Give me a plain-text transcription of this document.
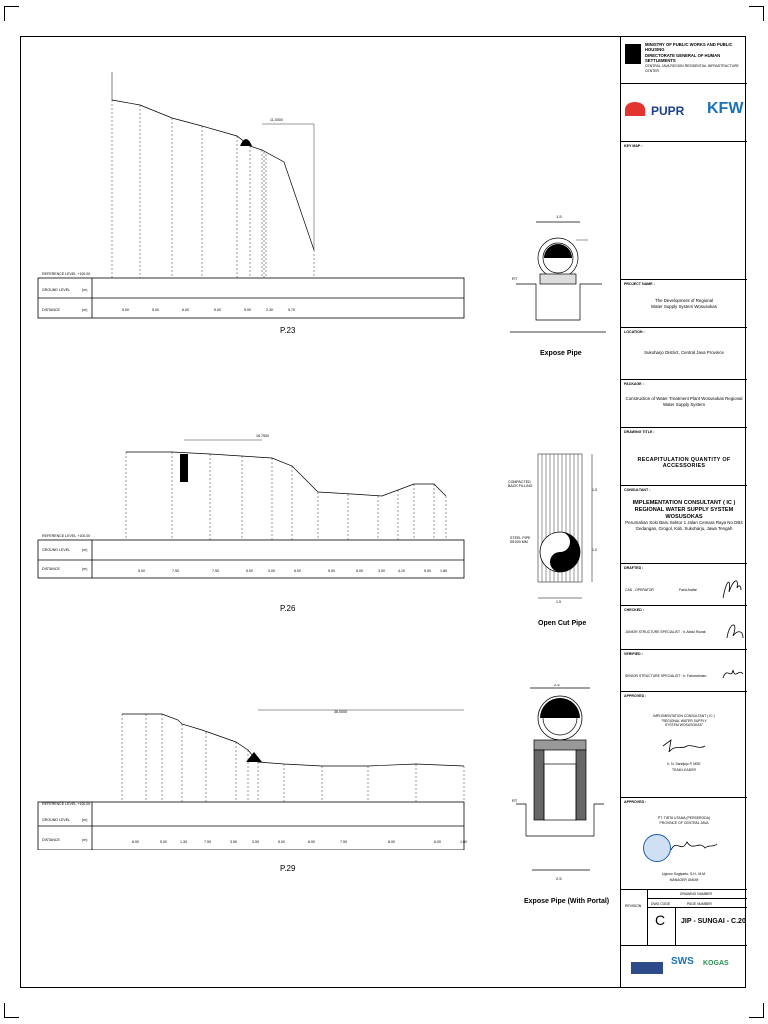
REFERENCE LEVEL +100.00
GROUND LEVEL	(m)
DISTANCE	(m)
11.0000
5.00	5.00	6.00	5.00	5.00	2.30	5.70
P.23
REFERENCE LEVEL +100.00
GROUND LEVEL	(m)
DISTANCE	(m)
16.7500
5.00	7.50	7.50	5.00	3.00	6.00	5.00	5.00	3.00	4.10	5.00	1.80
P.26
REFERENCE LEVEL +100.00
GROUND LEVEL	(m)
DISTANCE	(m)
36.0000
6.00	5.00	1.30	7.50	3.50	3.50	5.00	6.00	7.50	8.00	6.00	1.00
P.29
1.5
RT
Expose Pipe
COMPACTED
BACK FILLING
STEEL PIPE
Ø1000 MM
1.5
1.0
1.5
Open Cut Pipe
2.5
2.5
RT
Expose Pipe (With Portal)
MINISTRY OF PUBLIC WORKS AND PUBLIC HOUSING
DIRECTORATE GENERAL OF HUMAN SETTLEMENTS
CENTRAL JAVA REGION RESIDENTIAL INFRASTRUCTURE CENTER
PUPR KFW
KEY MAP :
PROJECT NAME :
The Development of Regional
Water Supply System Wosusokas
LOCATION :
Sukoharjo District, Central Java Province
PACKAGE :
Construction of Water Treatment Plant Wosusokas Regional
Water Supply System
DRAWING TITLE :
RECAPITULATION QUANTITY OF ACCESSORIES
CONSULTANT :
IMPLEMENTATION CONSULTANT ( IC )
REGIONAL WATER SUPPLY SYSTEM WOSUSOKAS
Perumahan Solo Baru Sektor 1 Jalan Cemara Raya No DB4
Gedangan, Grogol, Kab. Sukoharjo, Jawa Tengah
DRAFTED :
CAD - OPERATOR	Farid Arafat
CHECKED :
JUNIOR STRUCTURE SPECIALIST : Ir. Abdul Rozak
VERIFIED :
SENIOR STRUCTURE SPECIALIST : Ir. Faturrahman
APPROVED :
IMPLEMENTATION CONSULTANT ( IC )
"REGIONAL WATER SUPPLY
SYSTEM WOSUSOKAS"
Ir. N. Sandjojo P, MSE
TEAM LEADER
APPROVED :
PT. TIRTA UTAMA (PERSERODA)
PROVINCE OF CENTRAL JAVA
Ugiono Sugiyarto, S.H., M.M.
MANAGER UMUM
REVISION
DRAWING NUMBER
DWG CODE	PAGE NUMBER
C JIP - SUNGAI - C.20
SWS KOGAS
